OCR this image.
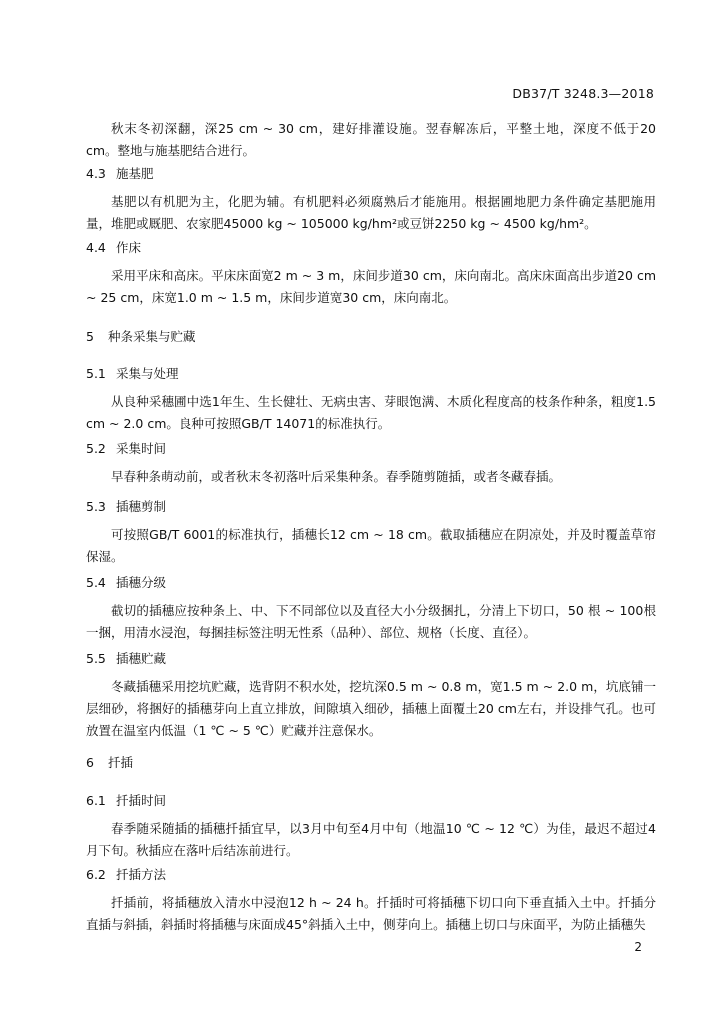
DB37/T 3248.3—2018

秋末冬初深翻，深25 cm ~ 30 cm，建好排灌设施。翌春解冻后，平整土地，深度不低于20 cm。整地与施基肥结合进行。

4.3 施基肥

基肥以有机肥为主，化肥为辅。有机肥料必须腐熟后才能施用。根据圃地肥力条件确定基肥施用量，堆肥或厩肥、农家肥45000 kg ~ 105000 kg/hm²或豆饼2250 kg ~ 4500 kg/hm²。

4.4 作床

采用平床和高床。平床床面宽2 m ~ 3 m，床间步道30 cm，床向南北。高床床面高出步道20 cm ~ 25 cm，床宽1.0 m ~ 1.5 m，床间步道宽30 cm，床向南北。

5 种条采集与贮藏

5.1 采集与处理

从良种采穗圃中选1年生、生长健壮、无病虫害、芽眼饱满、木质化程度高的枝条作种条，粗度1.5 cm ~ 2.0 cm。良种可按照GB/T 14071的标准执行。

5.2 采集时间

早春种条萌动前，或者秋末冬初落叶后采集种条。春季随剪随插，或者冬藏春插。

5.3 插穗剪制

可按照GB/T 6001的标准执行，插穗长12 cm ~ 18 cm。截取插穗应在阴凉处，并及时覆盖草帘保湿。

5.4 插穗分级

截切的插穗应按种条上、中、下不同部位以及直径大小分级捆扎，分清上下切口，50 根 ~ 100根一捆，用清水浸泡，每捆挂标签注明无性系（品种）、部位、规格（长度、直径）。

5.5 插穗贮藏

冬藏插穗采用挖坑贮藏，选背阴不积水处，挖坑深0.5 m ~ 0.8 m，宽1.5 m ~ 2.0 m，坑底铺一层细砂，将捆好的插穗芽向上直立排放，间隙填入细砂，插穗上面覆土20 cm左右，并设排气孔。也可放置在温室内低温（1 ℃ ~ 5 ℃）贮藏并注意保水。

6 扦插

6.1 扦插时间

春季随采随插的插穗扦插宜早，以3月中旬至4月中旬（地温10 ℃ ~ 12 ℃）为佳，最迟不超过4月下旬。秋插应在落叶后结冻前进行。

6.2 扦插方法

扦插前，将插穗放入清水中浸泡12 h ~ 24 h。扦插时可将插穗下切口向下垂直插入土中。扦插分直插与斜插，斜插时将插穗与床面成45°斜插入土中，侧芽向上。插穗上切口与床面平，为防止插穗失

2
